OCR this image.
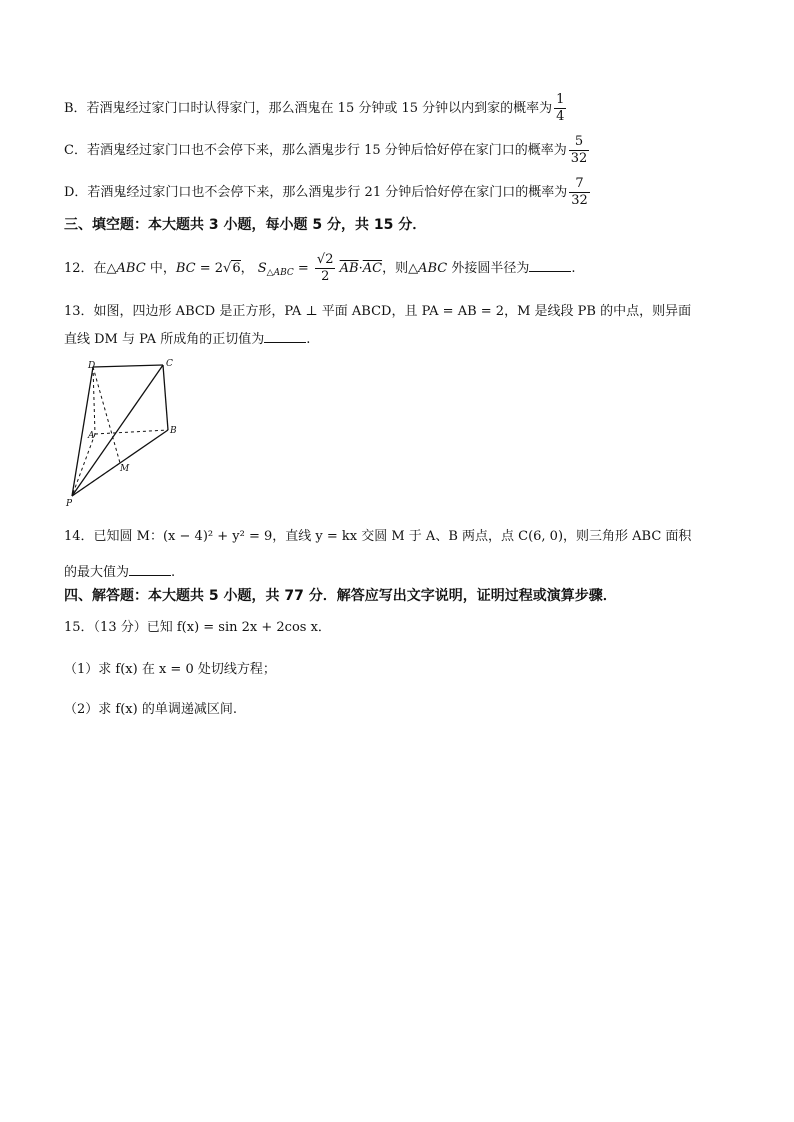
B．若酒鬼经过家门口时认得家门，那么酒鬼在 15 分钟或 15 分钟以内到家的概率为 $\frac{1}{4}$
C．若酒鬼经过家门口也不会停下来，那么酒鬼步行 15 分钟后恰好停在家门口的概率为 $\frac{5}{32}$
D．若酒鬼经过家门口也不会停下来，那么酒鬼步行 21 分钟后恰好停在家门口的概率为 $\frac{7}{32}$
三、填空题：本大题共 3 小题，每小题 5 分，共 15 分．
12．在△ABC 中，BC = 2√6， $S_{\triangle ABC} = \frac{√2}{2} \overline{AB}\cdot\overline{AC}$，则△ABC 外接圆半径为	.
13．如图，四边形 ABCD 是正方形，PA ⊥ 平面 ABCD，且 PA = AB = 2，M 是线段 PB 的中点，则异面
直线 DM 与 PA 所成角的正切值为	.
D	C
A	B
M
P
14．已知圆 M：(x − 4)² + y² = 9，直线 y = kx 交圆 M 于 A、B 两点，点 C(6, 0)，则三角形 ABC 面积
的最大值为	.
四、解答题：本大题共 5 小题，共 77 分．解答应写出文字说明，证明过程或演算步骤．
15．（13 分）已知 f(x) = sin 2x + 2cos x．
（1）求 f(x) 在 x = 0 处切线方程；
（2）求 f(x) 的单调递减区间.
